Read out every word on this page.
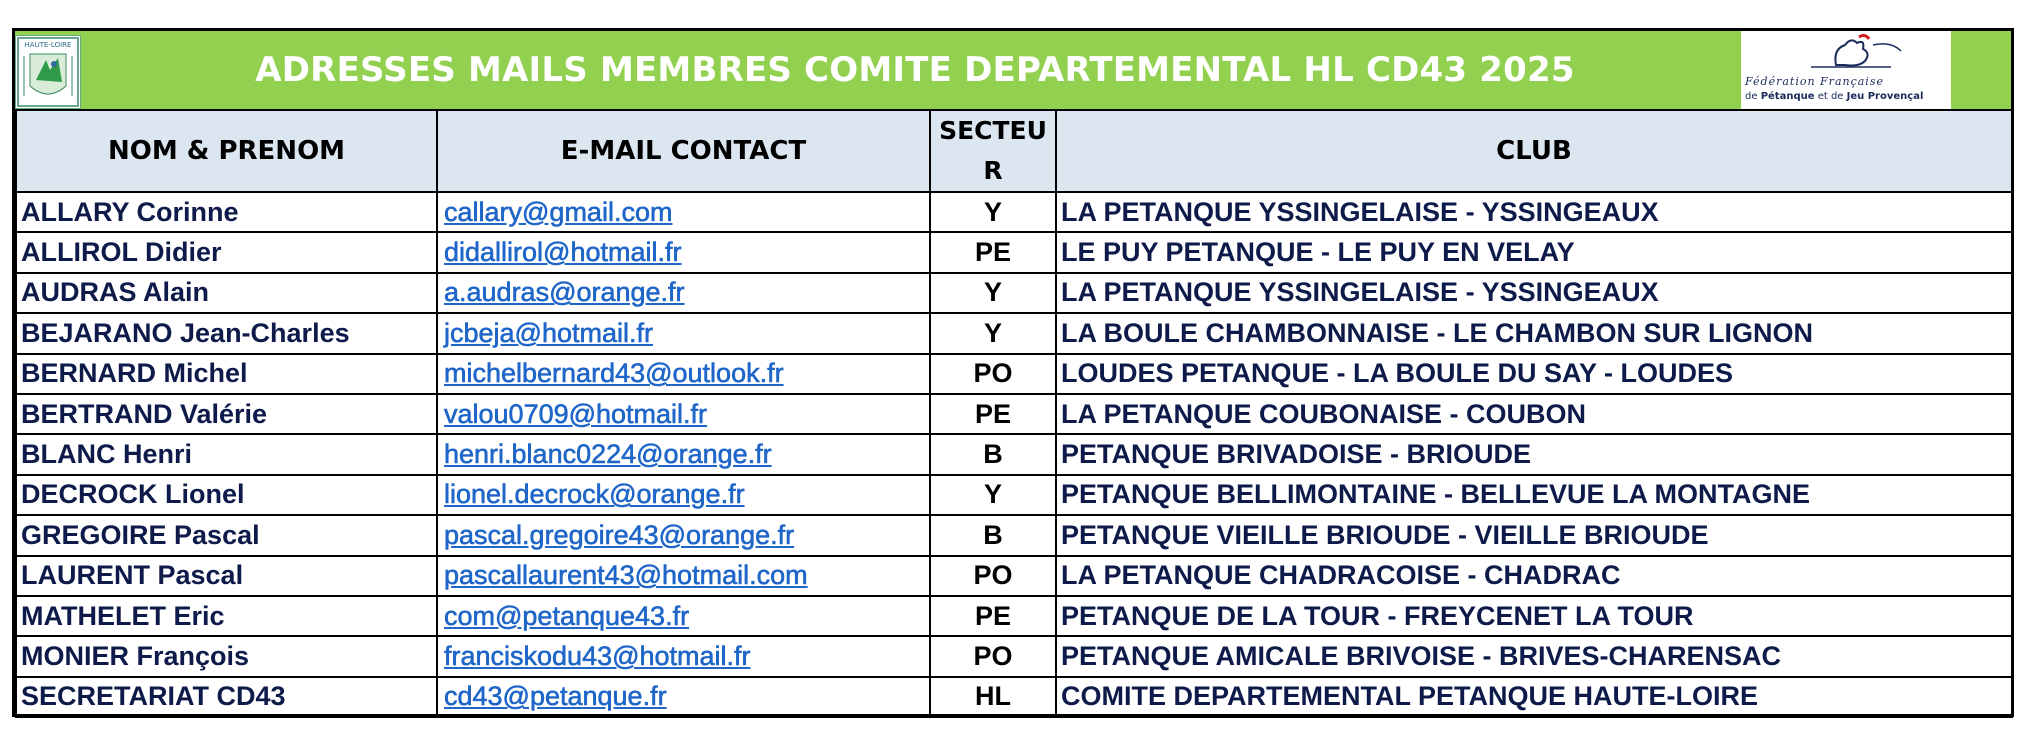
HAUTE-LOIRE
ADRESSES MAILS MEMBRES COMITE DEPARTEMENTAL HL CD43 2025	Fédération Française
de Pétanque et de Jeu Provençal
NOM & PRENOM	E-MAIL CONTACT	SECTEUR	CLUB
ALLARY Corinne	callary@gmail.com	Y	LA PETANQUE YSSINGELAISE - YSSINGEAUX
ALLIROL Didier	didallirol@hotmail.fr	PE	LE PUY PETANQUE - LE PUY EN VELAY
AUDRAS Alain	a.audras@orange.fr	Y	LA PETANQUE YSSINGELAISE - YSSINGEAUX
BEJARANO Jean-Charles	jcbeja@hotmail.fr	Y	LA BOULE CHAMBONNAISE - LE CHAMBON SUR LIGNON
BERNARD Michel	michelbernard43@outlook.fr	PO	LOUDES PETANQUE - LA BOULE DU SAY - LOUDES
BERTRAND Valérie	valou0709@hotmail.fr	PE	LA PETANQUE COUBONAISE - COUBON
BLANC Henri	henri.blanc0224@orange.fr	B	PETANQUE BRIVADOISE - BRIOUDE
DECROCK Lionel	lionel.decrock@orange.fr	Y	PETANQUE BELLIMONTAINE - BELLEVUE LA MONTAGNE
GREGOIRE Pascal	pascal.gregoire43@orange.fr	B	PETANQUE VIEILLE BRIOUDE - VIEILLE BRIOUDE
LAURENT Pascal	pascallaurent43@hotmail.com	PO	LA PETANQUE CHADRACOISE - CHADRAC
MATHELET Eric	com@petanque43.fr	PE	PETANQUE DE LA TOUR - FREYCENET LA TOUR
MONIER François	franciskodu43@hotmail.fr	PO	PETANQUE AMICALE BRIVOISE - BRIVES-CHARENSAC
SECRETARIAT CD43	cd43@petanque.fr	HL	COMITE DEPARTEMENTAL PETANQUE HAUTE-LOIRE
